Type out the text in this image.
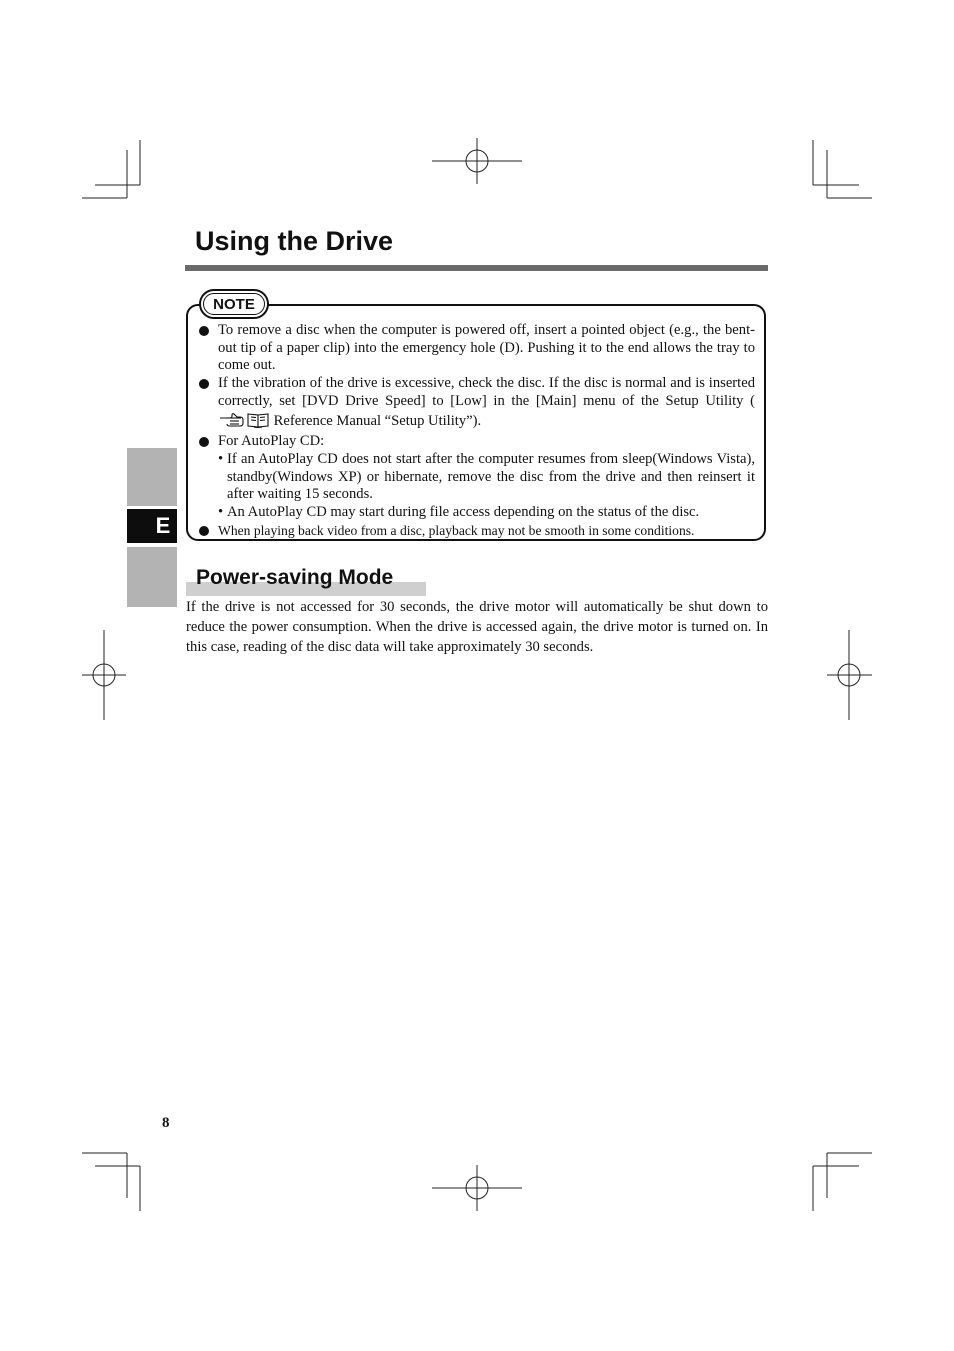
Using the Drive
NOTE
To remove a disc when the computer is powered off, insert a pointed object (e.g., the bent-out tip of a paper clip) into the emergency hole (D). Pushing it to the end allows the tray to come out.
If the vibration of the drive is excessive, check the disc. If the disc is normal and is inserted correctly, set [DVD Drive Speed] to [Low] in the [Main] menu of the Setup Utility ( Reference Manual “Setup Utility”).
For AutoPlay CD:
• If an AutoPlay CD does not start after the computer resumes from sleep(Windows Vista), standby(Windows XP) or hibernate, remove the disc from the drive and then reinsert it after waiting 15 seconds.
• An AutoPlay CD may start during file access depending on the status of the disc.
When playing back video from a disc, playback may not be smooth in some conditions.
E
Power-saving Mode
If the drive is not accessed for 30 seconds, the drive motor will automatically be shut down to reduce the power consumption. When the drive is accessed again, the drive motor is turned on. In this case, reading of the disc data will take approximately 30 seconds.
8
